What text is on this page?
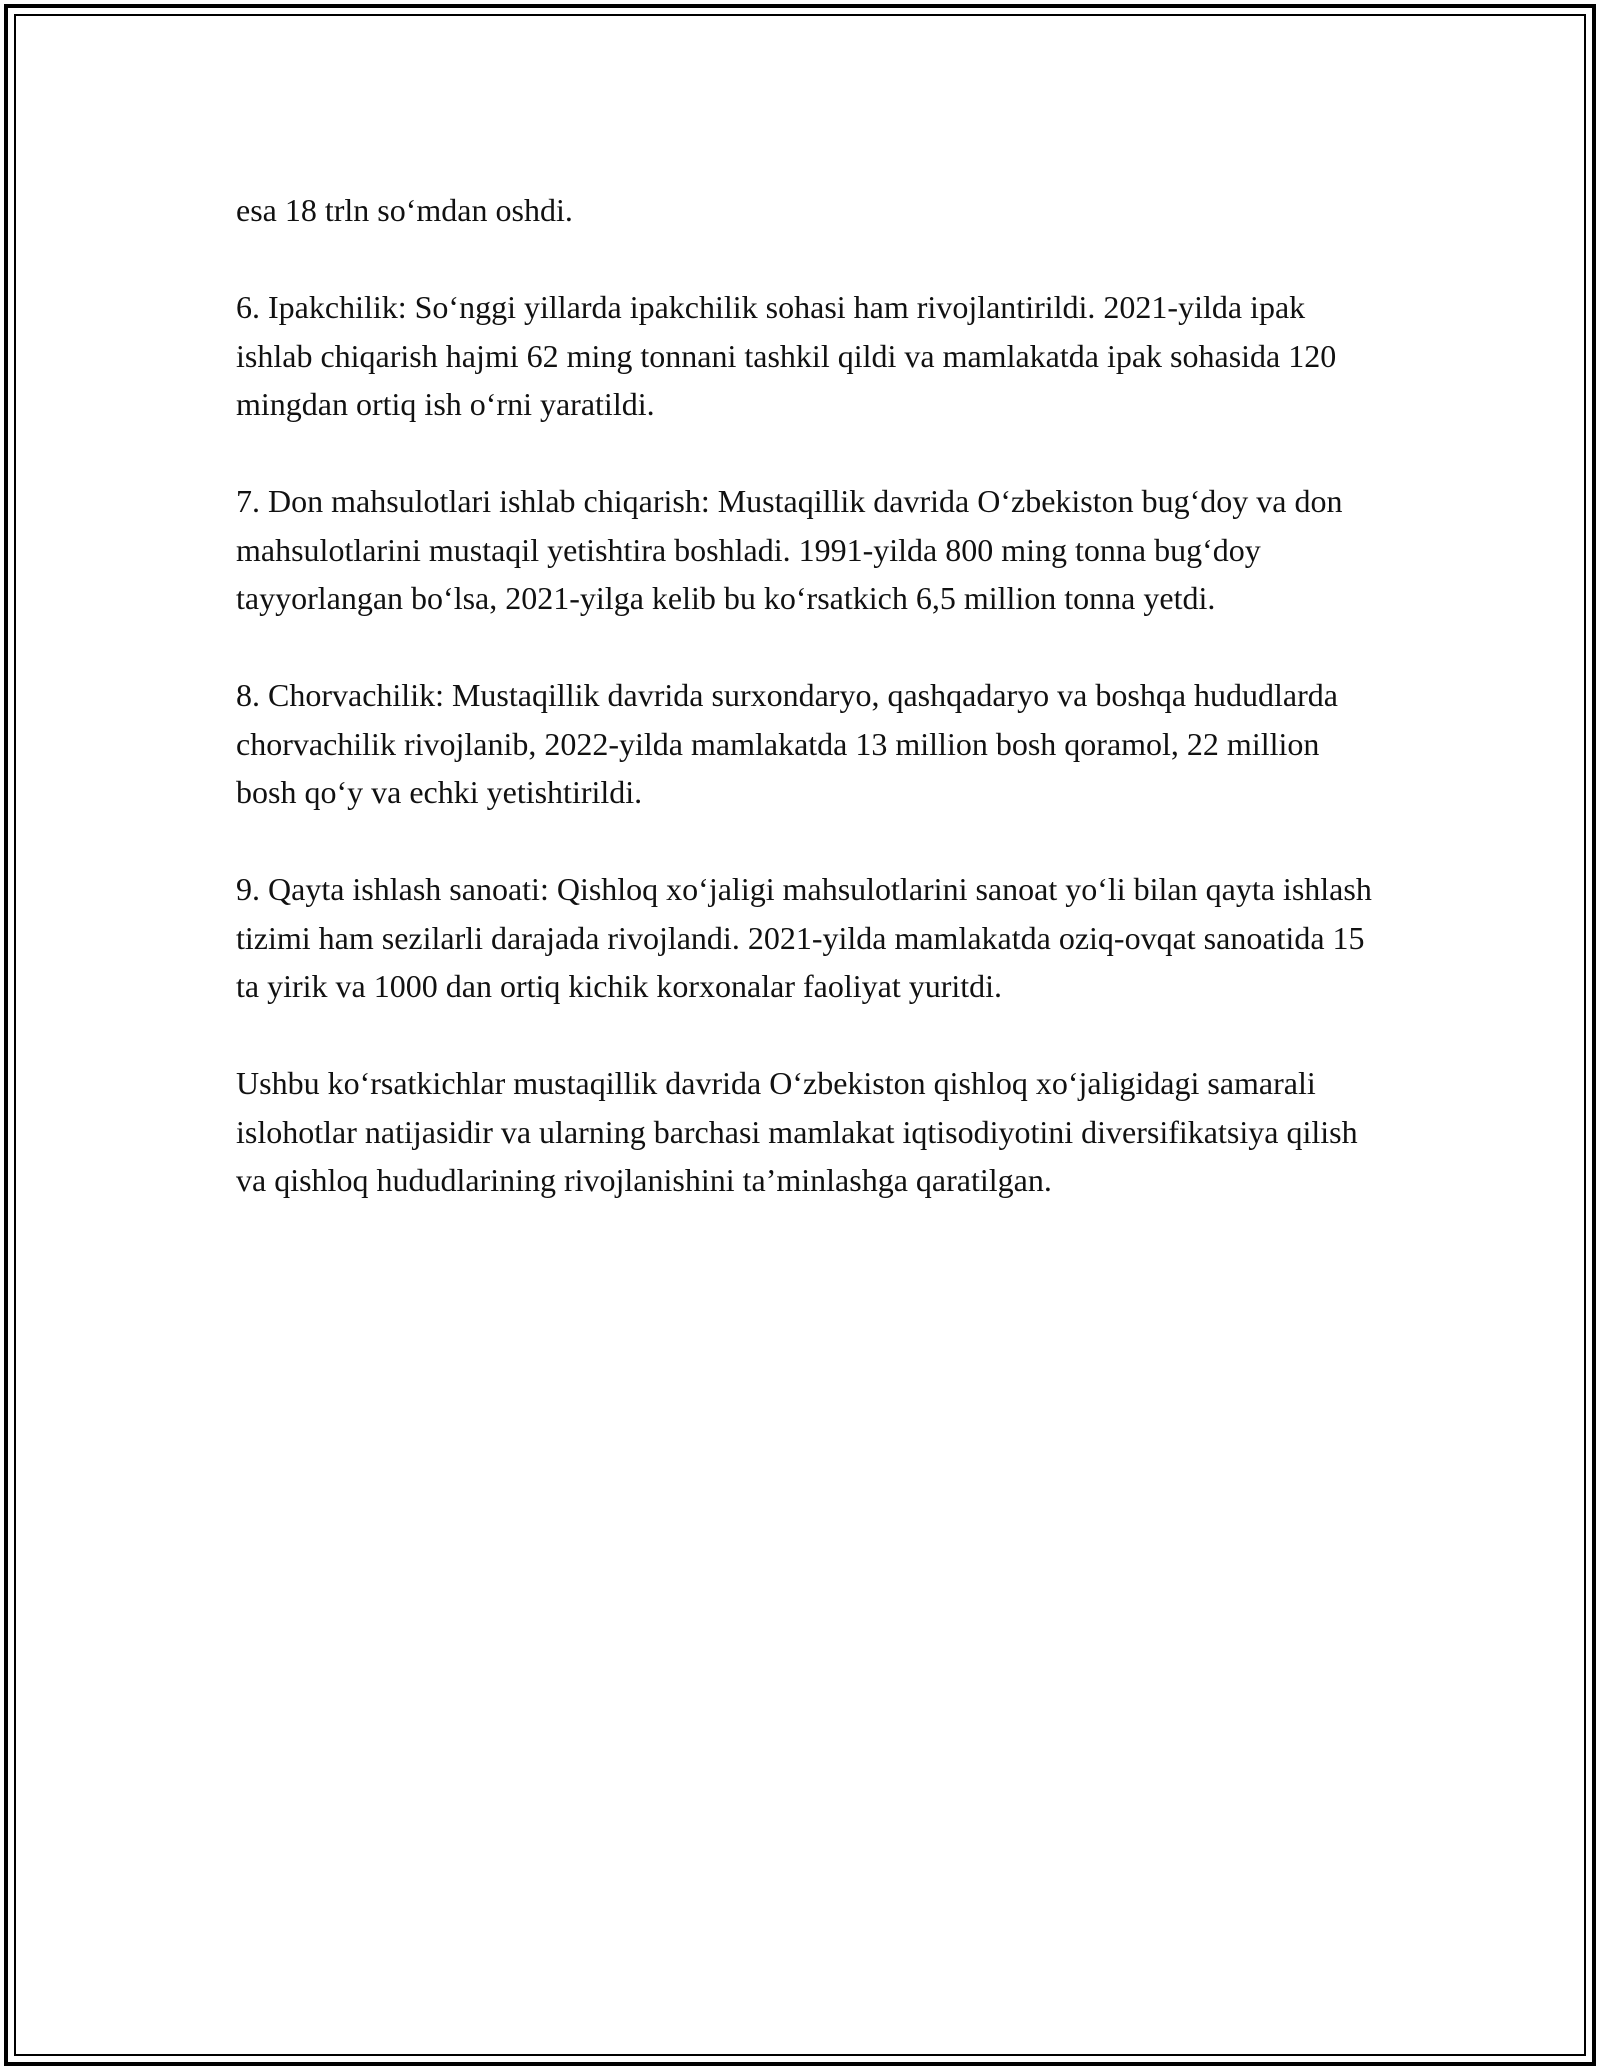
esa 18 trln so‘mdan oshdi.

6. Ipakchilik: So‘nggi yillarda ipakchilik sohasi ham rivojlantirildi. 2021-yilda ipak ishlab chiqarish hajmi 62 ming tonnani tashkil qildi va mamlakatda ipak sohasida 120 mingdan ortiq ish o‘rni yaratildi.

7. Don mahsulotlari ishlab chiqarish: Mustaqillik davrida O‘zbekiston bug‘doy va don mahsulotlarini mustaqil yetishtira boshladi. 1991-yilda 800 ming tonna bug‘doy tayyorlangan bo‘lsa, 2021-yilga kelib bu ko‘rsatkich 6,5 million tonna yetdi.

8. Chorvachilik: Mustaqillik davrida surxondaryo, qashqadaryo va boshqa hududlarda chorvachilik rivojlanib, 2022-yilda mamlakatda 13 million bosh qoramol, 22 million bosh qo‘y va echki yetishtirildi.

9. Qayta ishlash sanoati: Qishloq xo‘jaligi mahsulotlarini sanoat yo‘li bilan qayta ishlash tizimi ham sezilarli darajada rivojlandi. 2021-yilda mamlakatda oziq-ovqat sanoatida 15 ta yirik va 1000 dan ortiq kichik korxonalar faoliyat yuritdi.

Ushbu ko‘rsatkichlar mustaqillik davrida O‘zbekiston qishloq xo‘jaligidagi samarali islohotlar natijasidir va ularning barchasi mamlakat iqtisodiyotini diversifikatsiya qilish va qishloq hududlarining rivojlanishini ta’minlashga qaratilgan.
